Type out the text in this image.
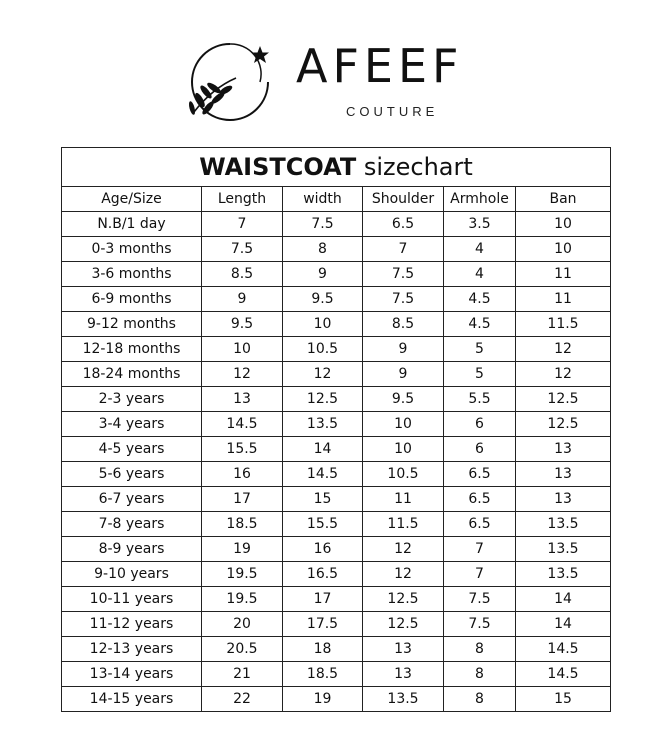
AFEEF
COUTURE
WAISTCOAT sizechart					
Age/Size	Length	width	Shoulder	Armhole	Ban
N.B/1 day	7	7.5	6.5	3.5	10
0-3 months	7.5	8	7	4	10
3-6 months	8.5	9	7.5	4	11
6-9 months	9	9.5	7.5	4.5	11
9-12 months	9.5	10	8.5	4.5	11.5
12-18 months	10	10.5	9	5	12
18-24 months	12	12	9	5	12
2-3 years	13	12.5	9.5	5.5	12.5
3-4 years	14.5	13.5	10	6	12.5
4-5 years	15.5	14	10	6	13
5-6 years	16	14.5	10.5	6.5	13
6-7 years	17	15	11	6.5	13
7-8 years	18.5	15.5	11.5	6.5	13.5
8-9 years	19	16	12	7	13.5
9-10 years	19.5	16.5	12	7	13.5
10-11 years	19.5	17	12.5	7.5	14
11-12 years	20	17.5	12.5	7.5	14
12-13 years	20.5	18	13	8	14.5
13-14 years	21	18.5	13	8	14.5
14-15 years	22	19	13.5	8	15
